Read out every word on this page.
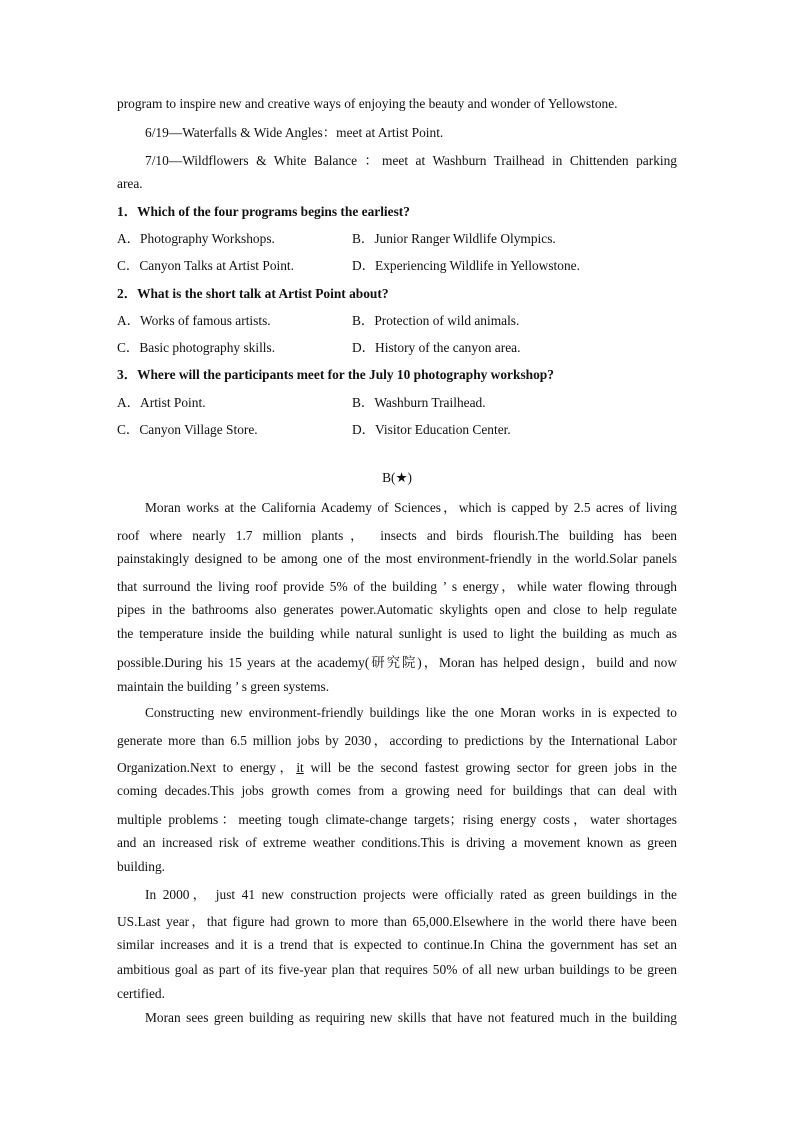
program to inspire new and creative ways of enjoying the beauty and wonder of Yellowstone.
6/19—Waterfalls & Wide Angles：meet at Artist Point.
7/10—Wildflowers & White Balance ：meet at Washburn Trailhead in Chittenden parking
area.
1．Which of the four programs begins the earliest?
A．Photography Workshops.	B．Junior Ranger Wildlife Olympics.
C．Canyon Talks at Artist Point.	D．Experiencing Wildlife in Yellowstone.
2．What is the short talk at Artist Point about?
A．Works of famous artists.	B．Protection of wild animals.
C．Basic photography skills.	D．History of the canyon area.
3．Where will the participants meet for the July 10 photography workshop?
A．Artist Point.	B．Washburn Trailhead.
C．Canyon Village Store.	D．Visitor Education Center.
B(★)
Moran works at the California Academy of Sciences，which is capped by 2.5 acres of living
roof where nearly 1.7 million plants， insects and birds flourish.The building has been
painstakingly designed to be among one of the most environment-friendly in the world.Solar panels
that surround the living roof provide 5% of the building ’ s energy，while water flowing through
pipes in the bathrooms also generates power.Automatic skylights open and close to help regulate
the temperature inside the building while natural sunlight is used to light the building as much as
possible.During his 15 years at the academy(研究院)，Moran has helped design，build and now
maintain the building ’ s green systems.
Constructing new environment-friendly buildings like the one Moran works in is expected to
generate more than 6.5 million jobs by 2030，according to predictions by the International Labor
Organization.Next to energy，it will be the second fastest growing sector for green jobs in the
coming decades.This jobs growth comes from a growing need for buildings that can deal with
multiple problems：meeting tough climate-change targets；rising energy costs，water shortages
and an increased risk of extreme weather conditions.This is driving a movement known as green
building.
In 2000， just 41 new construction projects were officially rated as green buildings in the
US.Last year，that figure had grown to more than 65,000.Elsewhere in the world there have been
similar increases and it is a trend that is expected to continue.In China the government has set an
ambitious goal as part of its five-year plan that requires 50% of all new urban buildings to be green
certified.
Moran sees green building as requiring new skills that have not featured much in the building
